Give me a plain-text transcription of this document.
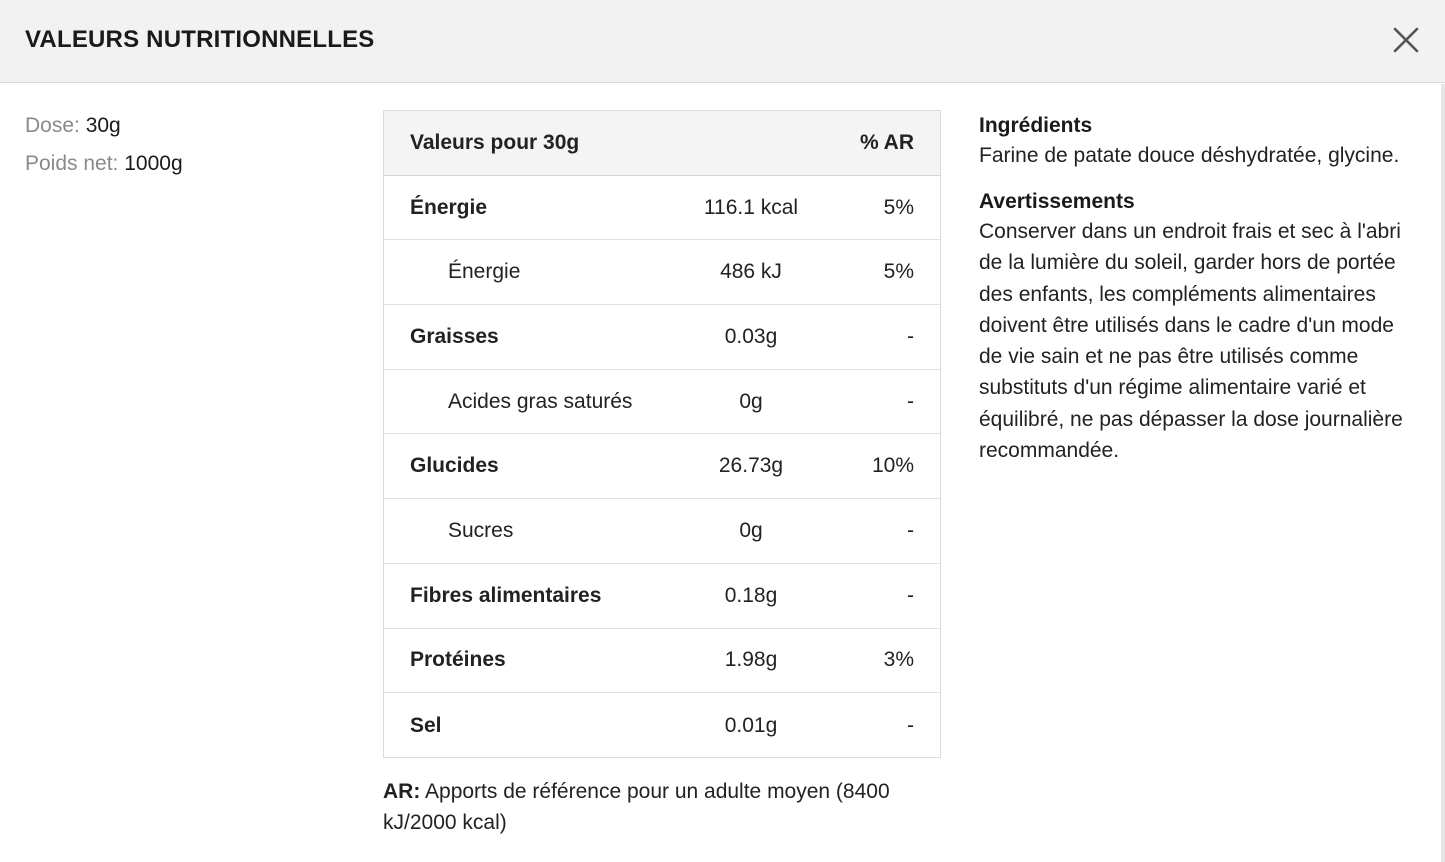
VALEURS NUTRITIONNELLES
Dose: 30g
Poids net: 1000g
Valeurs pour 30g	% AR
Énergie	116.1 kcal	5%
Énergie	486 kJ	5%
Graisses	0.03g	-
Acides gras saturés	0g	-
Glucides	26.73g	10%
Sucres	0g	-
Fibres alimentaires	0.18g	-
Protéines	1.98g	3%
Sel	0.01g	-
AR: Apports de référence pour un adulte moyen (8400 kJ/2000 kcal)
Ingrédients

Farine de patate douce déshydratée, glycine.

Avertissements

Conserver dans un endroit frais et sec à l'abri de la lumière du soleil, garder hors de portée des enfants, les compléments alimentaires doivent être utilisés dans le cadre d'un mode de vie sain et ne pas être utilisés comme substituts d'un régime alimentaire varié et équilibré, ne pas dépasser la dose journalière recommandée.
